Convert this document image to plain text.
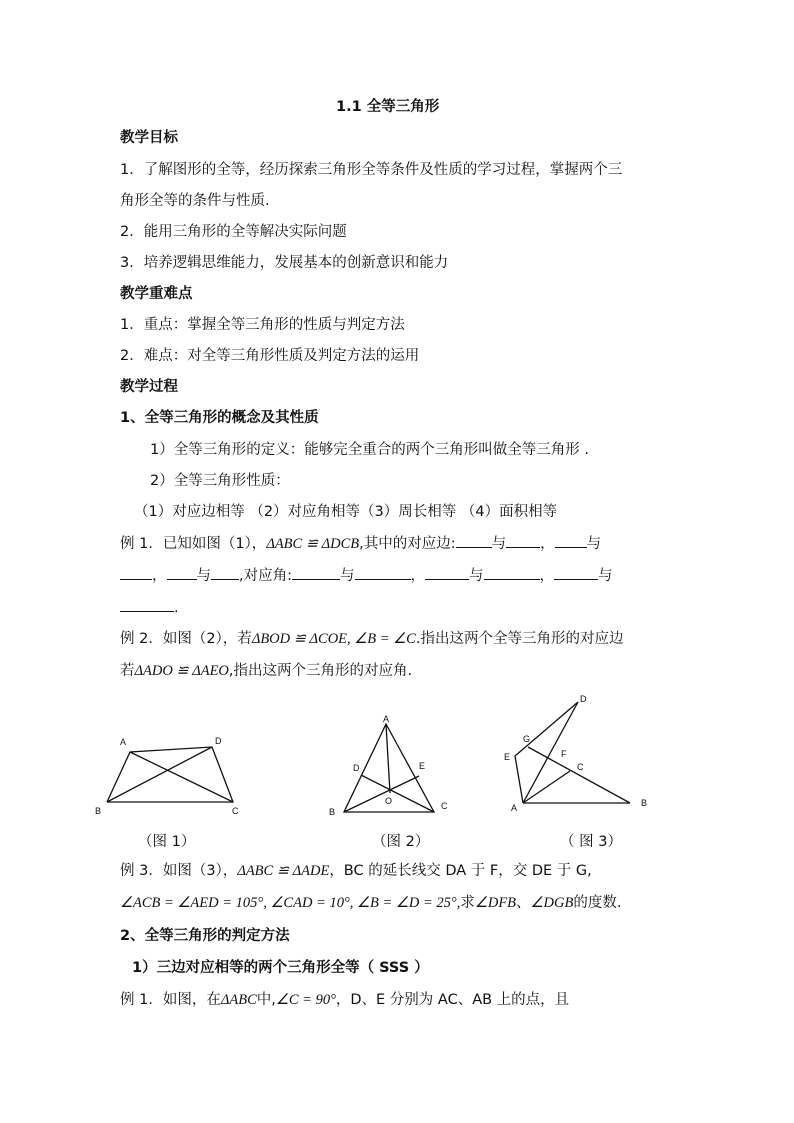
1.1 全等三角形
教学目标
1．了解图形的全等，经历探索三角形全等条件及性质的学习过程，掌握两个三
角形全等的条件与性质.
2．能用三角形的全等解决实际问题
3．培养逻辑思维能力，发展基本的创新意识和能力
教学重难点
1．重点：掌握全等三角形的性质与判定方法
2．难点：对全等三角形性质及判定方法的运用
教学过程
1、全等三角形的概念及其性质
1）全等三角形的定义：能够完全重合的两个三角形叫做全等三角形 .
2）全等三角形性质：
（1）对应边相等 （2）对应角相等（3）周长相等 （4）面积相等
例 1．已知如图（1），ΔABC ≌ ΔDCB,其中的对应边: 与 ， 与
， 与 ,对应角:	与	，	与	，	与
.
例 2．如图（2），若ΔBOD ≌ ΔCOE, ∠B = ∠C.指出这两个全等三角形的对应边
若ΔADO ≌ ΔAEO,指出这两个三角形的对应角.
A	D
B	C
（图 1）
A
D	E
O
B
C
（图 2）
D
G
E	F
C
A	B
（ 图 3）
例 3．如图（3），ΔABC ≌ ΔADE，BC 的延长线交 DA 于 F，交 DE 于 G,
∠ACB = ∠AED = 105°, ∠CAD = 10°, ∠B = ∠D = 25°,求∠DFB、∠DGB的度数.
2、全等三角形的判定方法
1）三边对应相等的两个三角形全等（ SSS ）
例 1．如图，在ΔABC中,∠C = 90°，D、E 分别为 AC、AB 上的点，且
